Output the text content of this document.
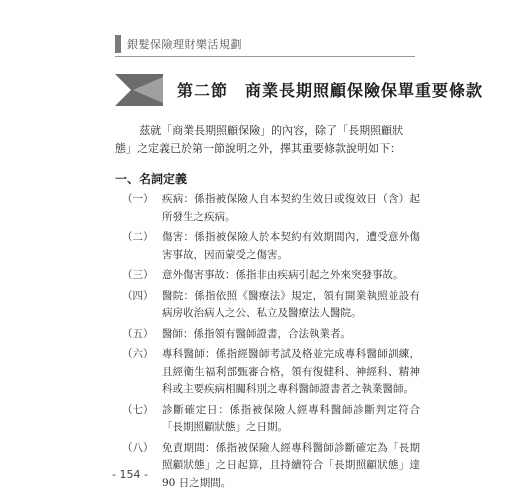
銀髮保險理財樂活規劃
第二節　商業長期照顧保險保單重要條款

茲就「商業長期照顧保險」的內容，除了「長期照顧狀態」之定義已於第一節說明之外，擇其重要條款說明如下：

一、名詞定義
（一） 疾病：係指被保險人自本契約生效日或復效日（含）起所發生之疾病。
（二） 傷害：係指被保險人於本契約有效期間內，遭受意外傷害事故，因而蒙受之傷害。
（三） 意外傷害事故：係指非由疾病引起之外來突發事故。
（四） 醫院：係指依照《醫療法》規定，領有開業執照並設有病房收治病人之公、私立及醫療法人醫院。
（五） 醫師：係指領有醫師證書，合法執業者。
（六） 專科醫師：係指經醫師考試及格並完成專科醫師訓練，且經衛生福利部甄審合格，領有復健科、神經科、精神科或主要疾病相關科別之專科醫師證書者之執業醫師。
（七） 診斷確定日：係指被保險人經專科醫師診斷判定符合「長期照顧狀態」之日期。
（八） 免責期間：係指被保險人經專科醫師診斷確定為「長期照顧狀態」之日起算，且持續符合「長期照顧狀態」達 90 日之期間。
- 154 -
